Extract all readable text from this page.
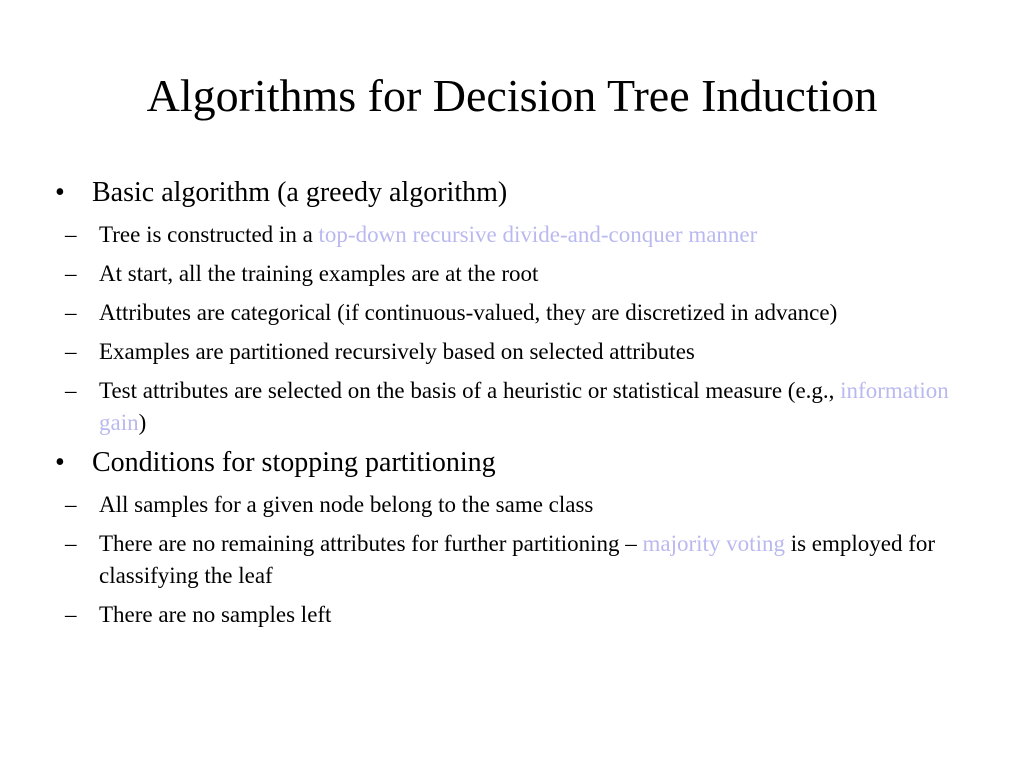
Algorithms for Decision Tree Induction
• Basic algorithm (a greedy algorithm)
– Tree is constructed in a top-down recursive divide-and-conquer manner
– At start, all the training examples are at the root
– Attributes are categorical (if continuous-valued, they are discretized in advance)
– Examples are partitioned recursively based on selected attributes
– Test attributes are selected on the basis of a heuristic or statistical measure (e.g., information gain)
• Conditions for stopping partitioning
– All samples for a given node belong to the same class
– There are no remaining attributes for further partitioning – majority voting is employed for classifying the leaf
– There are no samples left
